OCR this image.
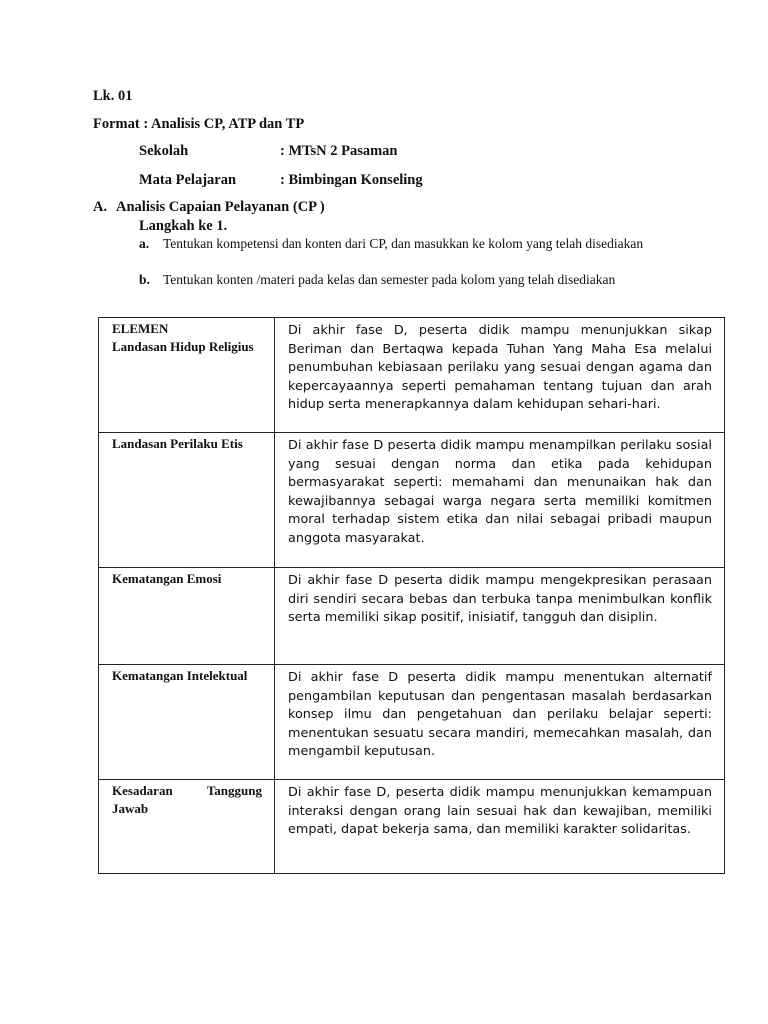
Lk. 01
Format : Analisis CP, ATP dan TP
Sekolah	: MTsN 2 Pasaman
Mata Pelajaran	: Bimbingan Konseling
A. Analisis Capaian Pelayanan (CP )
Langkah ke 1.
a. Tentukan kompetensi dan konten dari CP, dan masukkan ke kolom yang telah disediakan
b. Tentukan konten /materi pada kelas dan semester pada kolom yang telah disediakan
ELEMEN
Landasan Hidup Religius	Di akhir fase D, peserta didik mampu menunjukkan sikap Beriman dan Bertaqwa kepada Tuhan Yang Maha Esa melalui penumbuhan kebiasaan perilaku yang sesuai dengan agama dan kepercayaannya seperti pemahaman tentang tujuan dan arah hidup serta menerapkannya dalam kehidupan sehari-hari.
Landasan Perilaku Etis	Di akhir fase D peserta didik mampu menampilkan perilaku sosial yang sesuai dengan norma dan etika pada kehidupan bermasyarakat seperti: memahami dan menunaikan hak dan kewajibannya sebagai warga negara serta memiliki komitmen moral terhadap sistem etika dan nilai sebagai pribadi maupun anggota masyarakat.
Kematangan Emosi	Di akhir fase D peserta didik mampu mengekpresikan perasaan diri sendiri secara bebas dan terbuka tanpa menimbulkan konflik serta memiliki sikap positif, inisiatif, tangguh dan disiplin.
Kematangan Intelektual	Di akhir fase D peserta didik mampu menentukan alternatif pengambilan keputusan dan pengentasan masalah berdasarkan konsep ilmu dan pengetahuan dan perilaku belajar seperti: menentukan sesuatu secara mandiri, memecahkan masalah, dan mengambil keputusan.
Kesadaran Tanggung Jawab	Di akhir fase D, peserta didik mampu menunjukkan kemampuan interaksi dengan orang lain sesuai hak dan kewajiban, memiliki empati, dapat bekerja sama, dan memiliki karakter solidaritas.
